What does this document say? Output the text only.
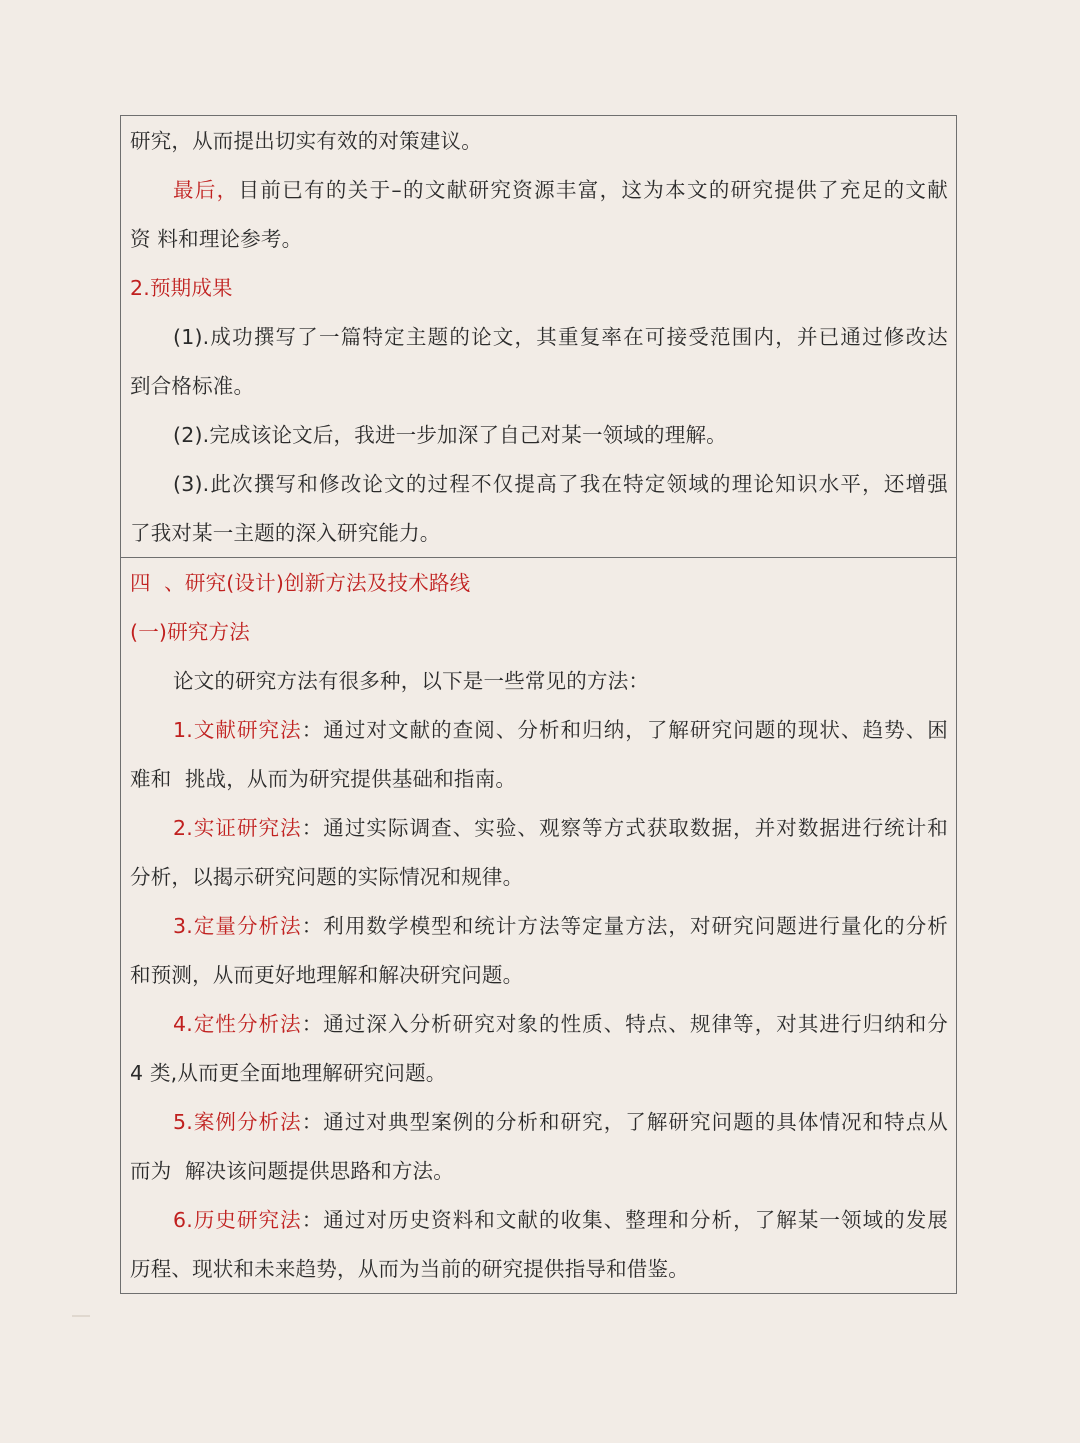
研究，从而提出切实有效的对策建议。
最后，目前已有的关于–的文献研究资源丰富，这为本文的研究提供了充足的文献
资 料和理论参考。
2.预期成果
(1).成功撰写了一篇特定主题的论文，其重复率在可接受范围内，并已通过修改达
到合格标准。
(2).完成该论文后，我进一步加深了自己对某一领域的理解。
(3).此次撰写和修改论文的过程不仅提高了我在特定领域的理论知识水平，还增强
了我对某一主题的深入研究能力。
四  、研究(设计)创新方法及技术路线
(一)研究方法
论文的研究方法有很多种，以下是一些常见的方法：
1.文献研究法：通过对文献的查阅、分析和归纳，了解研究问题的现状、趋势、困
难和  挑战，从而为研究提供基础和指南。
2.实证研究法：通过实际调查、实验、观察等方式获取数据，并对数据进行统计和
分析，以揭示研究问题的实际情况和规律。
3.定量分析法：利用数学模型和统计方法等定量方法，对研究问题进行量化的分析
和预测，从而更好地理解和解决研究问题。
4.定性分析法：通过深入分析研究对象的性质、特点、规律等，对其进行归纳和分
4 类,从而更全面地理解研究问题。
5.案例分析法：通过对典型案例的分析和研究，了解研究问题的具体情况和特点从
而为  解决该问题提供思路和方法。
6.历史研究法：通过对历史资料和文献的收集、整理和分析，了解某一领域的发展
历程、现状和未来趋势，从而为当前的研究提供指导和借鉴。
